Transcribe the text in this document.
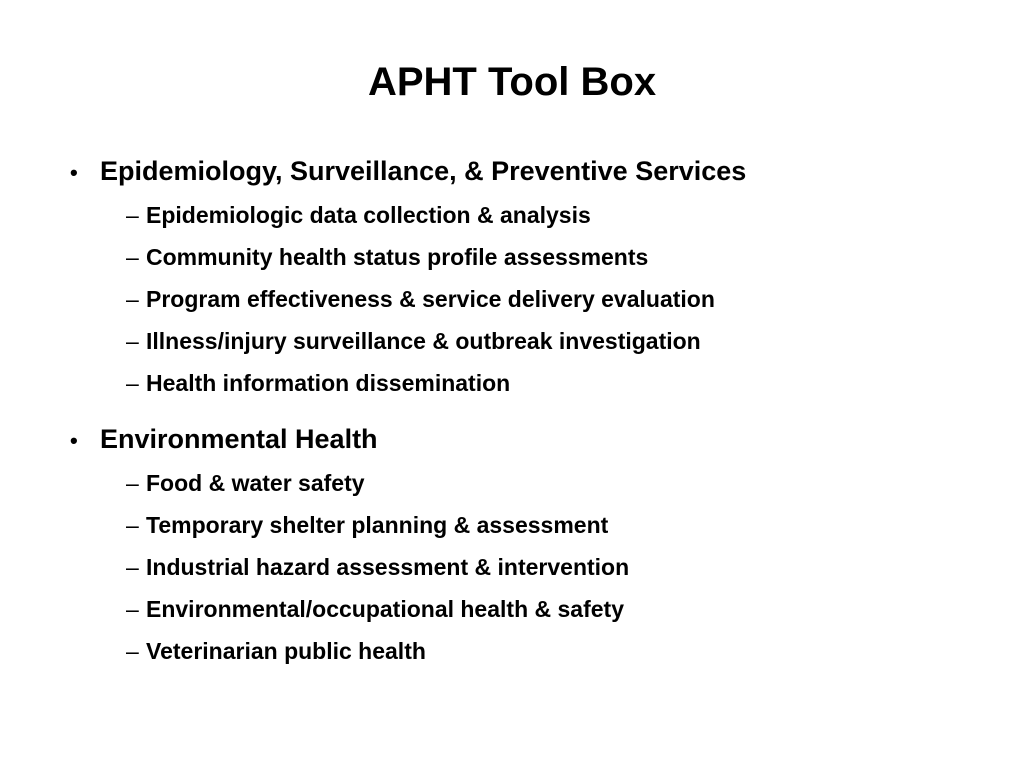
APHT Tool Box
• Epidemiology, Surveillance, & Preventive Services
– Epidemiologic data collection & analysis
– Community health status profile assessments
– Program effectiveness & service delivery evaluation
– Illness/injury surveillance & outbreak investigation
– Health information dissemination
• Environmental Health
– Food & water safety
– Temporary shelter planning & assessment
– Industrial hazard assessment & intervention
– Environmental/occupational health & safety
– Veterinarian public health
